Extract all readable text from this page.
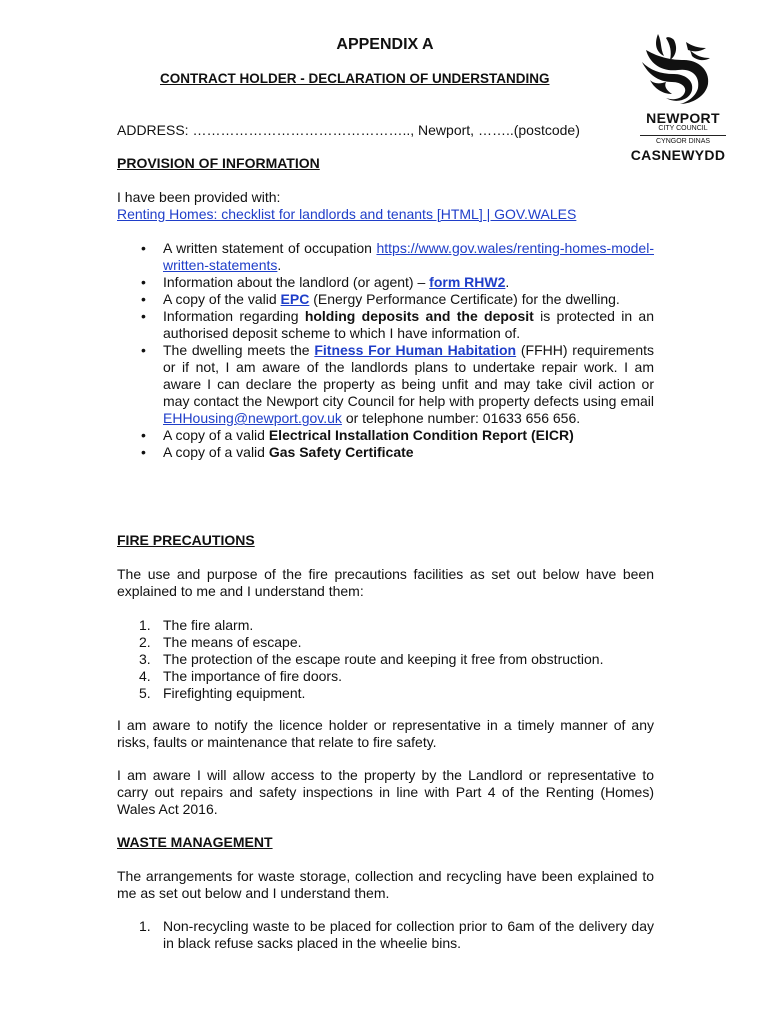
APPENDIX A
CONTRACT HOLDER - DECLARATION OF UNDERSTANDING
NEWPORT
CITY COUNCIL
CYNGOR DINAS
CASNEWYDD
ADDRESS: ……………………………………….., Newport, ……..(postcode)
PROVISION OF INFORMATION
I have been provided with:
Renting Homes: checklist for landlords and tenants [HTML] | GOV.WALES
• A written statement of occupation https://www.gov.wales/renting-homes-model-written-statements.
• Information about the landlord (or agent) – form RHW2.
• A copy of the valid EPC (Energy Performance Certificate) for the dwelling.
• Information regarding holding deposits and the deposit is protected in an authorised deposit scheme to which I have information of.
• The dwelling meets the Fitness For Human Habitation (FFHH) requirements or if not, I am aware of the landlords plans to undertake repair work. I am aware I can declare the property as being unfit and may take civil action or may contact the Newport city Council for help with property defects using email EHHousing@newport.gov.uk or telephone number: 01633 656 656.
• A copy of a valid Electrical Installation Condition Report (EICR)
• A copy of a valid Gas Safety Certificate
FIRE PRECAUTIONS
The use and purpose of the fire precautions facilities as set out below have been explained to me and I understand them:
1. The fire alarm.
2. The means of escape.
3. The protection of the escape route and keeping it free from obstruction.
4. The importance of fire doors.
5. Firefighting equipment.
I am aware to notify the licence holder or representative in a timely manner of any risks, faults or maintenance that relate to fire safety.
I am aware I will allow access to the property by the Landlord or representative to carry out repairs and safety inspections in line with Part 4 of the Renting (Homes) Wales Act 2016.
WASTE MANAGEMENT
The arrangements for waste storage, collection and recycling have been explained to me as set out below and I understand them.
1. Non-recycling waste to be placed for collection prior to 6am of the delivery day in black refuse sacks placed in the wheelie bins.
